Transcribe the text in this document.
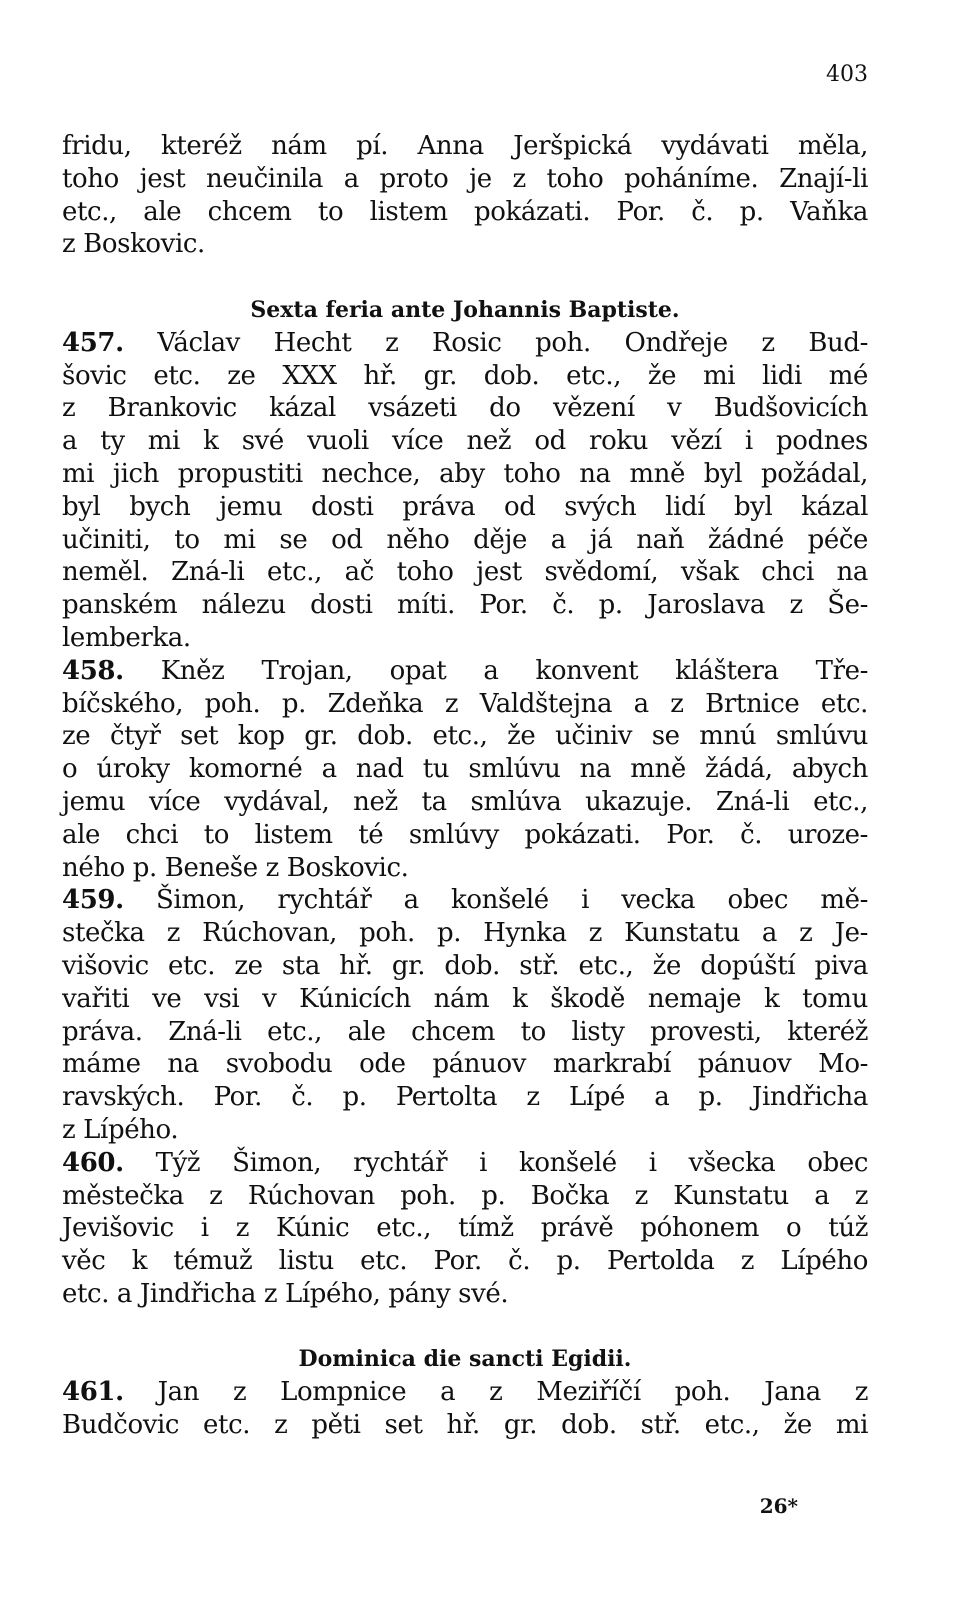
403
fridu, kteréž nám pí. Anna Jeršpická vydávati měla,
toho jest neučinila a proto je z toho poháníme. Znají-li
etc., ale chcem to listem pokázati. Por. č. p. Vaňka
z Boskovic.
Sexta feria ante Johannis Baptiste.
457. Václav Hecht z Rosic poh. Ondřeje z Bud-
šovic etc. ze XXX hř. gr. dob. etc., že mi lidi mé
z Brankovic kázal vsázeti do vězení v Budšovicích
a ty mi k své vuoli více než od roku vězí i podnes
mi jich propustiti nechce, aby toho na mně byl požádal,
byl bych jemu dosti práva od svých lidí byl kázal
učiniti, to mi se od něho děje a já naň žádné péče
neměl. Zná-li etc., ač toho jest svědomí, však chci na
panském nálezu dosti míti. Por. č. p. Jaroslava z Še-
lemberka.
458. Kněz Trojan, opat a konvent kláštera Tře-
bíčského, poh. p. Zdeňka z Valdštejna a z Brtnice etc.
ze čtyř set kop gr. dob. etc., že učiniv se mnú smlúvu
o úroky komorné a nad tu smlúvu na mně žádá, abych
jemu více vydával, než ta smlúva ukazuje. Zná-li etc.,
ale chci to listem té smlúvy pokázati. Por. č. uroze-
ného p. Beneše z Boskovic.
459. Šimon, rychtář a konšelé i vecka obec mě-
stečka z Rúchovan, poh. p. Hynka z Kunstatu a z Je-
višovic etc. ze sta hř. gr. dob. stř. etc., že dopúští piva
vařiti ve vsi v Kúnicích nám k škodě nemaje k tomu
práva. Zná-li etc., ale chcem to listy provesti, kteréž
máme na svobodu ode pánuov markrabí pánuov Mo-
ravských. Por. č. p. Pertolta z Lípé a p. Jindřicha
z Lípého.
460. Týž Šimon, rychtář i konšelé i všecka obec
městečka z Rúchovan poh. p. Bočka z Kunstatu a z
Jevišovic i z Kúnic etc., tímž právě póhonem o túž
věc k témuž listu etc. Por. č. p. Pertolda z Lípého
etc. a Jindřicha z Lípého, pány své.
Dominica die sancti Egidii.
461. Jan z Lompnice a z Meziříčí poh. Jana z
Budčovic etc. z pěti set hř. gr. dob. stř. etc., že mi
26*
